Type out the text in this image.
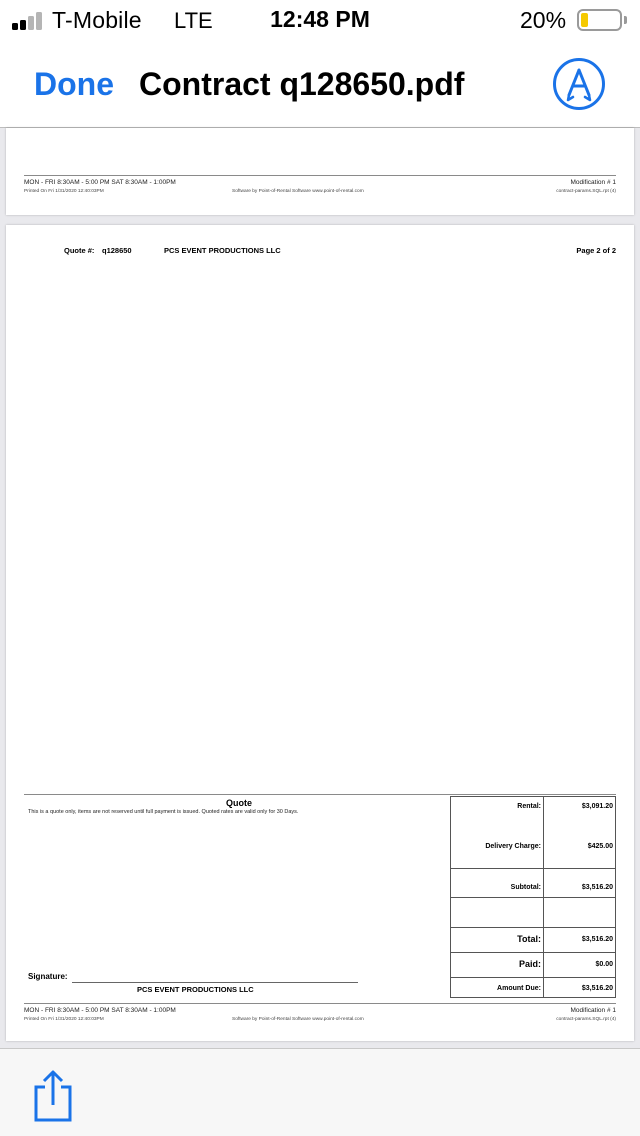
T-Mobile LTE	12:48 PM	20%
Done Contract q128650.pdf
MON - FRI 8:30AM - 5:00 PM SAT 8:30AM - 1:00PM
Printed On Fri 1/31/2020 12:40:03PM	Software by Point-of-Rental Software www.point-of-rental.com
Modification # 1
contract-params.SQL.rpt (4)
Quote #: q128650	PCS EVENT PRODUCTIONS LLC	Page 2 of 2
Quote
This is a quote only, items are not reserved until full payment is issued. Quoted rates are valid only for 30 Days.
Signature:
PCS EVENT PRODUCTIONS LLC
Rental:	$3,091.20
Delivery Charge:	$425.00
Subtotal:	$3,516.20
Total:	$3,516.20
Paid:	$0.00
Amount Due:	$3,516.20
MON - FRI 8:30AM - 5:00 PM SAT 8:30AM - 1:00PM
Printed On Fri 1/31/2020 12:40:03PM	Software by Point-of-Rental Software www.point-of-rental.com
Modification # 1
contract-params.SQL.rpt (4)
